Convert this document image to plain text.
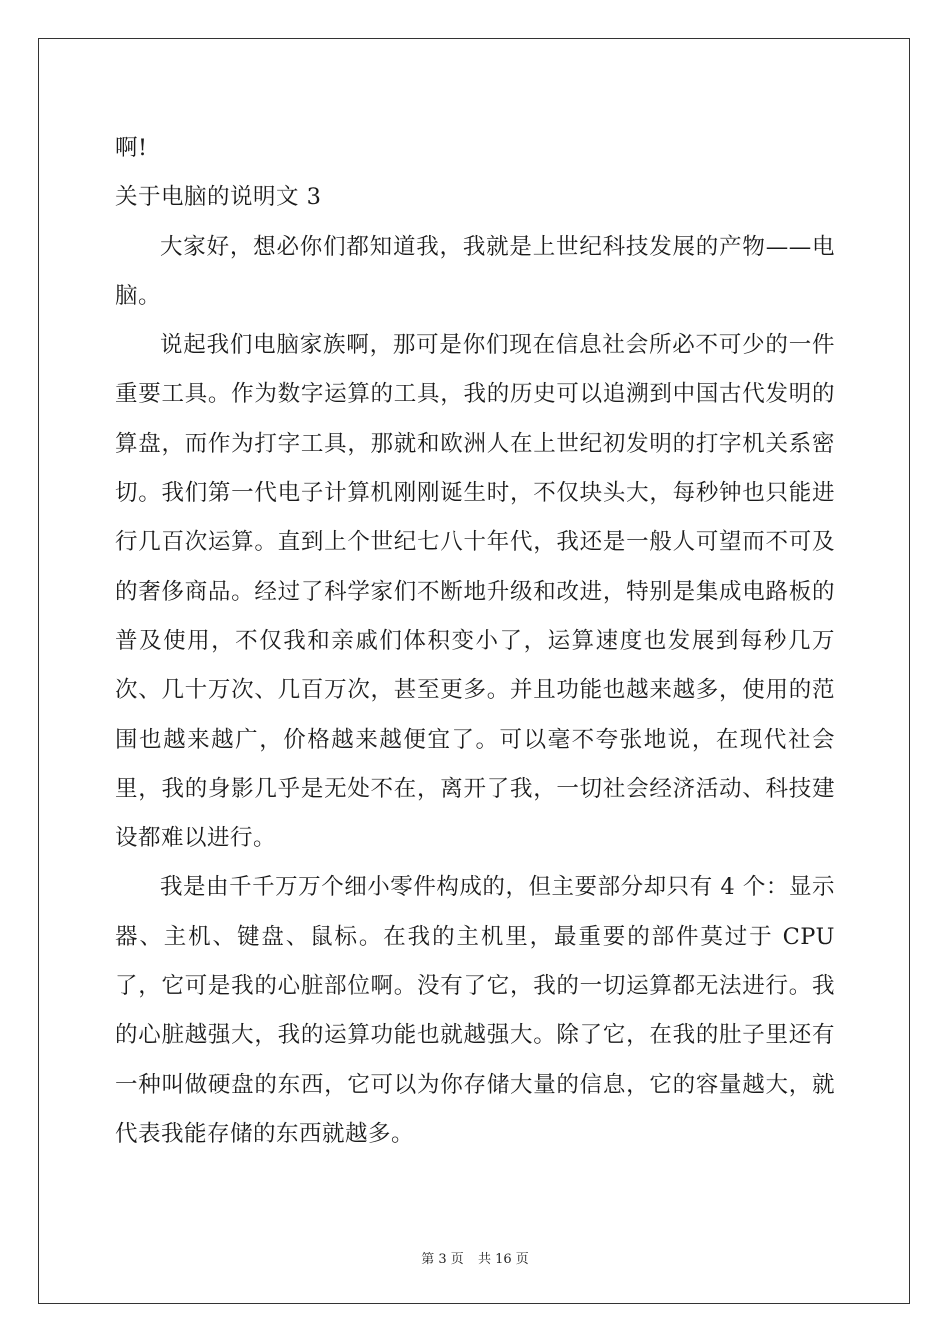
啊!

关于电脑的说明文 3

大家好，想必你们都知道我，我就是上世纪科技发展的产物——电脑。

说起我们电脑家族啊，那可是你们现在信息社会所必不可少的一件重要工具。作为数字运算的工具，我的历史可以追溯到中国古代发明的算盘，而作为打字工具，那就和欧洲人在上世纪初发明的打字机关系密切。我们第一代电子计算机刚刚诞生时，不仅块头大，每秒钟也只能进行几百次运算。直到上个世纪七八十年代，我还是一般人可望而不可及的奢侈商品。经过了科学家们不断地升级和改进，特别是集成电路板的普及使用，不仅我和亲戚们体积变小了，运算速度也发展到每秒几万次、几十万次、几百万次，甚至更多。并且功能也越来越多，使用的范围也越来越广，价格越来越便宜了。可以毫不夸张地说，在现代社会里，我的身影几乎是无处不在，离开了我，一切社会经济活动、科技建设都难以进行。

我是由千千万万个细小零件构成的，但主要部分却只有 4 个：显示器、主机、键盘、鼠标。在我的主机里，最重要的部件莫过于 CPU了，它可是我的心脏部位啊。没有了它，我的一切运算都无法进行。我的心脏越强大，我的运算功能也就越强大。除了它，在我的肚子里还有一种叫做硬盘的东西，它可以为你存储大量的信息，它的容量越大，就代表我能存储的东西就越多。

第 3 页 共 16 页
